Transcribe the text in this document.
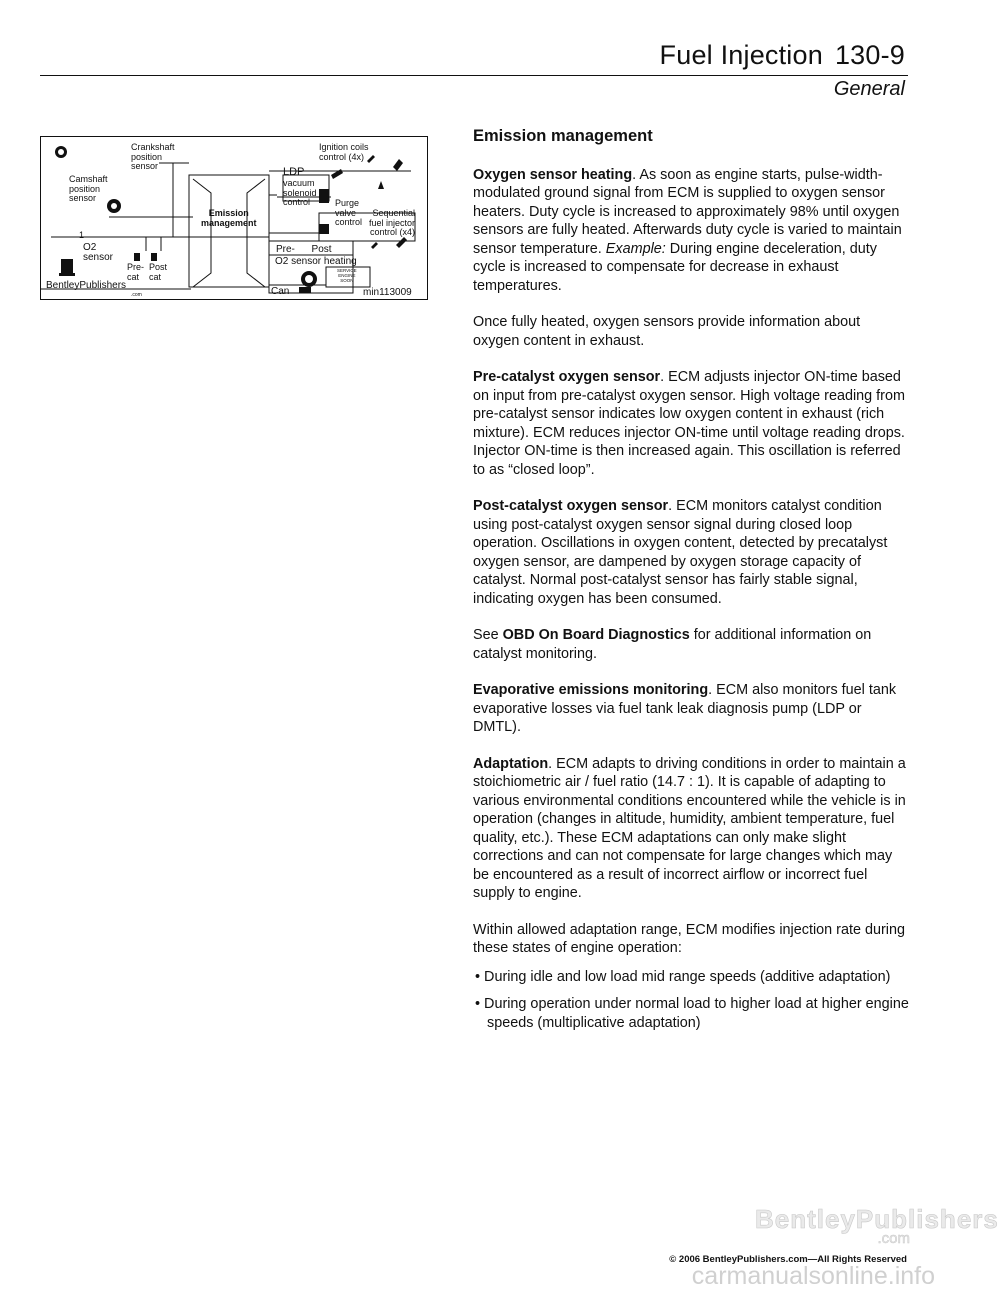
Fuel Injection 130-9
General
Crankshaft
position
sensor
Camshaft
position
sensor
Ignition coils
control (4x)
LDP
vacuum
solenoid
control	Purge
valve
control
Sequential
fuel injector
control (x4)
Emission
management
O2
sensor
Pre-
cat
Post
cat
Pre-      Post
O2 sensor heating
Can
SERVICE
ENGINE
SOON
BentleyPublishers
.com	min113009
1
Emission management

Oxygen sensor heating. As soon as engine starts, pulse-width-modulated ground signal from ECM is supplied to oxygen sensor heaters. Duty cycle is increased to approximately 98% until oxygen sensors are fully heated. Afterwards duty cycle is varied to maintain sensor temperature. Example: During engine deceleration, duty cycle is increased to compensate for decrease in exhaust temperatures.

Once fully heated, oxygen sensors provide information about oxygen content in exhaust.

Pre-catalyst oxygen sensor. ECM adjusts injector ON-time based on input from pre-catalyst oxygen sensor. High voltage reading from pre-catalyst sensor indicates low oxygen content in exhaust (rich mixture). ECM reduces injector ON-time until voltage reading drops. Injector ON-time is then increased again. This oscillation is referred to as “closed loop”.

Post-catalyst oxygen sensor. ECM monitors catalyst condition using post-catalyst oxygen sensor signal during closed loop operation. Oscillations in oxygen content, detected by precatalyst oxygen sensor, are dampened by oxygen storage capacity of catalyst. Normal post-catalyst sensor has fairly stable signal, indicating oxygen has been consumed.

See OBD On Board Diagnostics for additional information on catalyst monitoring.

Evaporative emissions monitoring. ECM also monitors fuel tank evaporative losses via fuel tank leak diagnosis pump (LDP or DMTL).

Adaptation. ECM adapts to driving conditions in order to maintain a stoichiometric air / fuel ratio (14.7 : 1). It is capable of adapting to various environmental conditions encountered while the vehicle is in operation (changes in altitude, humidity, ambient temperature, fuel quality, etc.). These ECM adaptations can only make slight corrections and can not compensate for large changes which may be encountered as a result of incorrect airflow or incorrect fuel supply to engine.

Within allowed adaptation range, ECM modifies injection rate during these states of engine operation:

• During idle and low load mid range speeds (additive adaptation)
• During operation under normal load to higher load at higher engine speeds (multiplicative adaptation)
BentleyPublishers
.com
© 2006 BentleyPublishers.com—All Rights Reserved
carmanualsonline.info
